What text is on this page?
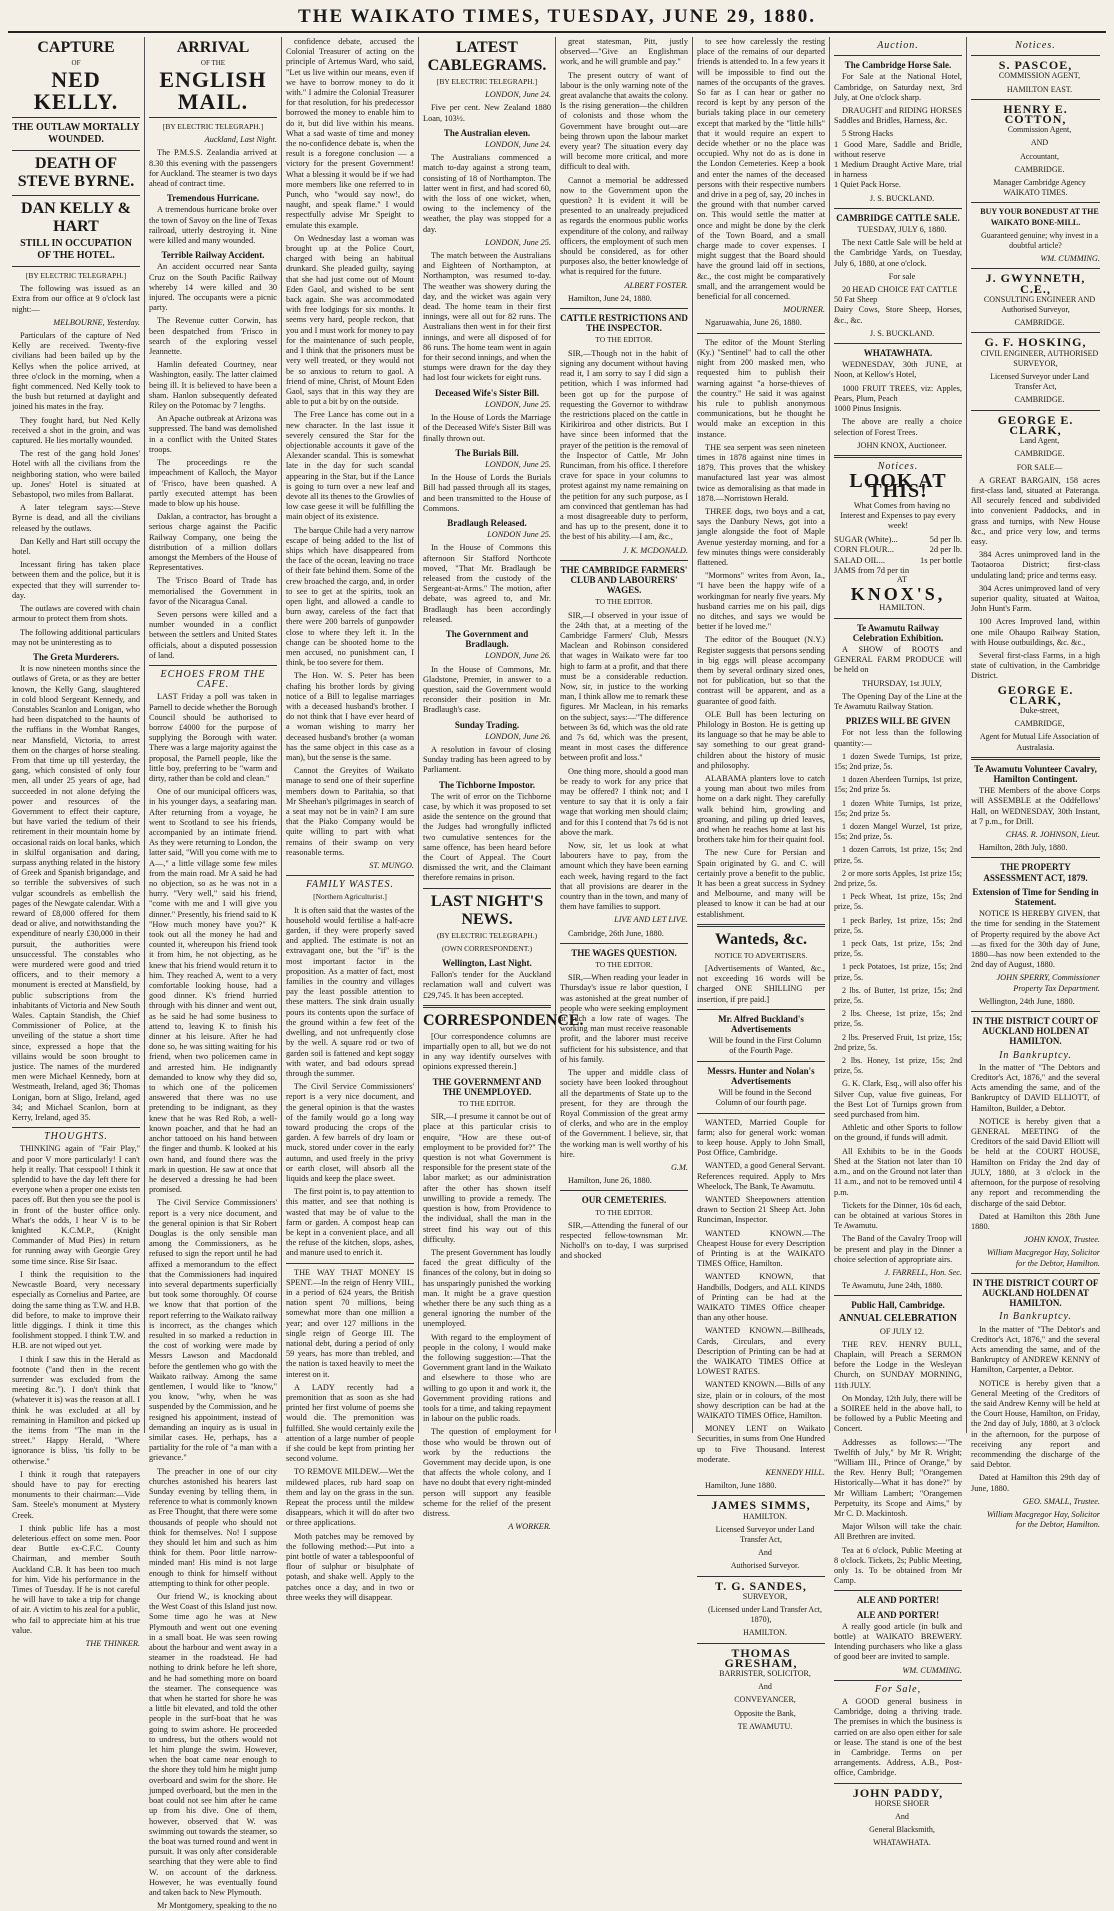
THE WAIKATO TIMES, TUESDAY, JUNE 29, 1880.
CAPTURE
OF
NED KELLY.
THE OUTLAW MORTALLY WOUNDED.
DEATH OF STEVE BYRNE.
DAN KELLY & HART
STILL IN OCCUPATION OF THE HOTEL.
[BY ELECTRIC TELEGRAPH.]

The following was issued as an Extra from our office at 9 o'clock last night:—

MELBOURNE, Yesterday.

Particulars of the capture of Ned Kelly are received. Twenty-five civilians had been bailed up by the Kellys when the police arrived, at three o'clock in the morning, when a fight commenced. Ned Kelly took to the bush but returned at daylight and joined his mates in the fray.

They fought hard, but Ned Kelly received a shot in the groin, and was captured. He lies mortally wounded.

The rest of the gang hold Jones' Hotel with all the civilians from the neighboring station, who were bailed up. Jones' Hotel is situated at Sebastopol, two miles from Ballarat.

A later telegram says:—Steve Byrne is dead, and all the civilians released by the outlaws.

Dan Kelly and Hart still occupy the hotel.

Incessant firing has taken place between them and the police, but it is expected that they will surrender to-day.

The outlaws are covered with chain armour to protect them from shots.

The following additional particulars may not be uninteresting as to

The Greta Murderers.

It is now nineteen months since the outlaws of Greta, or as they are better known, the Kelly Gang, slaughtered in cold blood Sergeant Kennedy, and Constables Scanlon and Lonigan, who had been dispatched to the haunts of the ruffians in the Wombat Ranges, near Mansfield, Victoria, to arrest them on the charges of horse stealing. From that time up till yesterday, the gang, which consisted of only four men, all under 25 years of age, had succeeded in not alone defying the power and resources of the Government to effect their capture, but have varied the tedium of their retirement in their mountain home by occasional raids on local banks, which in skilful organisation and daring, surpass anything related in the history of Greek and Spanish brigandage, and so terrible the subversives of such vulgar scoundrels as embellish the pages of the Newgate calendar. With a reward of £8,000 offered for them dead or alive, and notwithstanding the expenditure of nearly £30,000 in their pursuit, the authorities were unsuccessful. The constables who were murdered were good and tried officers, and to their memory a monument is erected at Mansfield, by public subscriptions from the inhabitants of Victoria and New South Wales. Captain Standish, the Chief Commissioner of Police, at the unveiling of the statue a short time since, expressed a hope that the villains would be soon brought to justice. The names of the murdered men were Michael Kennedy, born at Westmeath, Ireland, aged 36; Thomas Lonigan, born at Sligo, Ireland, aged 34; and Michael Scanlon, born at Kerry, Ireland, aged 35.

THOUGHTS.

THINKING again of "Fair Play," and poor V more particularly! I can't help it really. That cesspool! I think it splendid to have the day left there for everyone when a proper one exists ten paces off. But then you see the pool is in front of the buster office only. What's the odds, I hear V is to be knighted K.C.M.P., (Knight Commander of Mud Pies) in return for running away with Georgie Grey some time since. Rise Sir Isaac.

I think the requisition to the Newcastle Board, very necessary especially as Cornelius and Partee, are doing the same thing as T.W. and H.B. did before, to make to improve their little diggings. I think it time this foolishment stopped. I think T.W. and H.B. are not wiped out yet.

I think I saw this in the Herald as footnote ("and then in the recent surrender was excluded from the meeting &c."). I don't think that (whatever it is) was the reason at all. I think he was excluded at all by remaining in Hamilton and picked up the items from "The man in the street." Happy Herald, "Where ignorance is bliss, 'tis folly to be otherwise."

I think it rough that ratepayers should have to pay for erecting monuments to their chairman:—Vide Sam. Steele's monument at Mystery Creek.

I think public life has a most deleterious effect on some men. Poor dear Buttle ex-C.F.C. County Chairman, and member South Auckland C.B. It has been too much for him. Vide his performance in the Times of Tuesday. If he is not careful he will have to take a trip for change of air. A victim to his zeal for a public, who fail to appreciate him at his true value.

THE THINKER.

ARRIVAL
OF THE
ENGLISH MAIL.
[BY ELECTRIC TELEGRAPH.]

Auckland, Last Night.

The P.M.S.S. Zealandia arrived at 8.30 this evening with the passengers for Auckland. The steamer is two days ahead of contract time.

Tremendous Hurricane.

A tremendous hurricane broke over the town of Savoy on the line of Texas railroad, utterly destroying it. Nine were killed and many wounded.

Terrible Railway Accident.

An accident occurred near Santa Cruz on the South Pacific Railway whereby 14 were killed and 30 injured. The occupants were a picnic party.

The Revenue cutter Corwin, has been despatched from 'Frisco in search of the exploring vessel Jeannette.

Hamlin defeated Courtney, near Washington, easily. The latter claimed being ill. It is believed to have been a sham. Hanlon subsequently defeated Riley on the Potomac by 7 lengths.

An Apache outbreak at Arizona was suppressed. The band was demolished in a conflict with the United States troops.

The proceedings re the impeachment of Kalloch, the Mayor of 'Frisco, have been quashed. A partly executed attempt has been made to blow up his house.

Daklan, a contractor, has brought a serious charge against the Pacific Railway Company, one being the distribution of a million dollars amongst the Members of the House of Representatives.

The 'Frisco Board of Trade has memorialised the Government in favor of the Nicaragua Canal.

Seven persons were killed and a number wounded in a conflict between the settlers and United States officials, about a disputed possession of land.

ECHOES FROM THE CAFE.

LAST Friday a poll was taken in Parnell to decide whether the Borough Council should be authorised to borrow £4000 for the purpose of supplying the Borough with water. There was a large majority against the proposal, the Parnell people, like the little boy, preferring to be "warm and dirty, rather than be cold and clean."

One of our municipal officers was, in his younger days, a seafaring man. After returning from a voyage, he went to Scotland to see his friends, accompanied by an intimate friend. As they were returning to London, the latter said, "Will you come with me to A—," a little village some few miles from the main road. Mr A said he had no objection, so as he was not in a hurry. "Very well," said his friend, "come with me and I will give you dinner." Presently, his friend said to K "How much money have you?" K took out all the money he had and counted it, whereupon his friend took it from him, he not objecting, as he knew that his friend would return it to him. They reached A, went to a very comfortable looking house, had a good dinner. K's friend hurried through with his dinner and went out, as he said he had some business to attend to, leaving K to finish his dinner at his leisure. After he had done so, he was sitting waiting for his friend, when two policemen came in and arrested him. He indignantly demanded to know why they did so, to which one of the policemen answered that there was no use pretending to be indignant, as they knew that he was Red Rob, a well-known poacher, and that he had an anchor tattooed on his hand between the finger and thumb. K looked at his own hand, and found there was the mark in question. He saw at once that he deserved a dressing he had been promised.

The Civil Service Commissioners' report is a very nice document, and the general opinion is that Sir Robert Douglas is the only sensible man among the Commissioners, as he refused to sign the report until he had affixed a memorandum to the effect that the Commissioners had inquired into several departments superficially but took some thoroughly. Of course we know that that portion of the report referring to the Waikato railway is incorrect, as the changes which resulted in so marked a reduction in the cost of working were made by Messrs Lawson and Macdonald before the gentlemen who go with the Waikato railway. Among the same gentlemen, I would like to "know," you know, "why, when he was suspended by the Commission, and he resigned his appointment, instead of demanding an inquiry as is usual in similar cases. He, perhaps, has a partiality for the role of "a man with a grievance."

The preacher in one of our city churches astonished his hearers last Sunday evening by telling them, in reference to what is commonly known as Free Thought, that there were some thousands of people who should not think for themselves. No! I suppose they should let him and such as him think for them. Poor little narrow-minded man! His mind is not large enough to think for himself without attempting to think for other people.

Our friend W., is knocking about the West Coast of this Island just now. Some time ago he was at New Plymouth and went out one evening in a small boat. He was seen rowing about the harbour and went away in a steamer in the roadstead. He had nothing to drink before he left shore, and he had something more on board the steamer. The consequence was that when he started for shore he was a little bit elevated, and told the other people in the surf-boat that he was going to swim ashore. He proceeded to undress, but the others would not let him plunge the swim. However, when the boat came near enough to the shore they told him he might jump overboard and swim for the shore. He jumped overboard, but the men in the boat could not see him after he came up from his dive. One of them, however, observed that W. was swimming out towards the steamer, so the boat was turned round and went in pursuit. It was only after considerable searching that they were able to find W. on account of the darkness. However, he was eventually found and taken back to New Plymouth.

Mr Montgomery, speaking to the no

confidence debate, accused the Colonial Treasurer of acting on the principle of Artemus Ward, who said, "Let us live within our means, even if we have to borrow money to do it with." I admire the Colonial Treasurer for that resolution, for his predecessor borrowed the money to enable him to do it, but did live within his means. What a sad waste of time and money the no-confidence debate is, when the result is a foregone conclusion — a victory for the present Government! What a blessing it would be if we had more members like one referred to in Punch, who "would say now!, do naught, and speak flame." I would respectfully advise Mr Speight to emulate this example.

On Wednesday last a woman was brought up at the Police Court, charged with being an habitual drunkard. She pleaded guilty, saying that she had just come out of Mount Eden Gaol, and wished to be sent back again. She was accommodated with free lodgings for six months. It seems very hard, people reckon, that you and I must work for money to pay for the maintenance of such people, and I think that the prisoners must be very well treated, or they would not be so anxious to return to gaol. A friend of mine, Christ, of Mount Eden Gaol, says that in this way they are able to put a bit by on the outside.

The Free Lance has come out in a new character. In the last issue it severely censured the Star for the objectionable accounts it gave of the Alexander scandal. This is somewhat late in the day for such scandal appearing in the Star, but if the Lance is going to turn over a new leaf and devote all its thenes to the Growlies of low case geese it will be fulfilling the main object of its existence.

The barque Chile had a very narrow escape of being added to the list of ships which have disappeared from the face of the ocean, leaving no trace of their fate behind them. Some of the crew broached the cargo, and, in order to see to get at the spirits, took an open light, and allowed a candle to burn away, careless of the fact that there were 200 barrels of gunpowder close to where they left it. In the change can be shooted home to the men accused, no punishment can, I think, be too severe for them.

The Hon. W. S. Peter has been chafing his brother lords by giving notice of a Bill to legalise marriages with a deceased husband's brother. I do not think that I have ever heard of a woman wishing to marry her deceased husband's brother (a woman has the same object in this case as a man), but the sense is the same.

Cannot the Greyites of Waikato manage to send one of their superfine members down to Paritahia, so that Mr Sheehan's pilgrimages in search of a seat may not be in vain? I am sure that the Piako Company would be quite willing to part with what remains of their swamp on very reasonable terms.

ST. MUNGO.

FAMILY WASTES.
[Northern Agriculturist.]

It is often said that the wastes of the household would fertilise a half-acre garden, if they were properly saved and applied. The estimate is not an extravagant one, but the "if" is the most important factor in the proposition. As a matter of fact, most families in the country and villages pay the least possible attention to these matters. The sink drain usually pours its contents upon the surface of the ground within a few feet of the dwelling, and not unfrequently close by the well. A square rod or two of garden soil is fattened and kept soggy with water, and bad odours spread through the summer.

The Civil Service Commissioners' report is a very nice document, and the general opinion is that the wastes of the family would go a long way toward producing the crops of the garden. A few barrels of dry loam or muck, stored under cover in the early autumn, and used freely in the privy or earth closet, will absorb all the liquids and keep the place sweet.

The first point is, to pay attention to this matter, and see that nothing is wasted that may be of value to the farm or garden. A compost heap can be kept in a convenient place, and all the refuse of the kitchen, slops, ashes, and manure used to enrich it.

THE WAY THAT MONEY IS SPENT.—In the reign of Henry VIII., in a period of 624 years, the British nation spent 70 millions, being somewhat more than one million a year; and over 127 millions in the single reign of George III. The national debt, during a period of only 59 years, has more than trebled, and the nation is taxed heavily to meet the interest on it.

A LADY recently had a premonition that as soon as she had printed her first volume of poems she would die. The premonition was fulfilled. She would certainly exile the attention of a large number of people if she could be kept from printing her second volume.

TO REMOVE MILDEW.—Wet the mildewed places, rub hard soap on them and lay on the grass in the sun. Repeat the process until the mildew disappears, which it will do after two or three applications.

Moth patches may be removed by the following method:—Put into a pint bottle of water a tablespoonful of flour of sulphur or bisulphate of potash, and shake well. Apply to the patches once a day, and in two or three weeks they will disappear.

LATEST CABLEGRAMS.
[BY ELECTRIC TELEGRAPH.]

LONDON, June 24.

Five per cent. New Zealand 1880 Loan, 103½.

The Australian eleven.

LONDON, June 24.

The Australians commenced a match to-day against a strong team, consisting of 18 of Northampton. The latter went in first, and had scored 60, with the loss of one wicket, when, owing to the inclemency of the weather, the play was stopped for a day.

LONDON, June 25.

The match between the Australians and Eighteen of Northampton, at Northampton, was resumed to-day. The weather was showery during the day, and the wicket was again very dead. The home team in their first innings, were all out for 82 runs. The Australians then went in for their first innings, and were all disposed of for 86 runs. The home team went in again for their second innings, and when the stumps were drawn for the day they had lost four wickets for eight runs.

Deceased Wife's Sister Bill.

LONDON, June 25.

In the House of Lords the Marriage of the Deceased Wife's Sister Bill was finally thrown out.

The Burials Bill.

LONDON, June 25.

In the House of Lords the Burials Bill had passed through all its stages, and been transmitted to the House of Commons.

Bradlaugh Released.

LONDON June 25.

In the House of Commons this afternoon Sir Stafford Northcote moved, "That Mr. Bradlaugh be released from the custody of the Sergeant-at-Arms." The motion, after debate, was agreed to, and Mr. Bradlaugh has been accordingly released.

The Government and Bradlaugh.

LONDON, June 26.

In the House of Commons, Mr. Gladstone, Premier, in answer to a question, said the Government would reconsider their position in Mr. Bradlaugh's case.

Sunday Trading.

LONDON, June 26.

A resolution in favour of closing Sunday trading has been agreed to by Parliament.

The Tichborne Impostor.

The writ of error on the Tichborne case, by which it was proposed to set aside the sentence on the ground that the Judges had wrongfully inflicted two cumulative sentences for the same offence, has been heard before the Court of Appeal. The Court dismissed the writ, and the Claimant therefore remains in prison.

LAST NIGHT'S NEWS.
(BY ELECTRIC TELEGRAPH.)
(OWN CORRESPONDENT.)
Wellington, Last Night.

Fallon's tender for the Auckland reclamation wall and culvert was £29,745. It has been accepted.

CORRESPONDENCE.

[Our correspondence columns are impartially open to all, but we do not in any way identify ourselves with opinions expressed therein.]

THE GOVERNMENT AND THE UNEMPLOYED.
TO THE EDITOR.

SIR,—I presume it cannot be out of place at this particular crisis to enquire, "How are these out-of employment to be provided for?" The question is not what Government is responsible for the present state of the labor market; as our administration after the other has shown itself unwilling to provide a remedy. The question is how, from Providence to the individual, shall the man in the street find his way out of this difficulty.

The present Government has loudly faced the great difficulty of the finances of the colony, but in doing so has unsparingly punished the working man. It might be a grave question whether there be any such thing as a general ignoring the number of the unemployed.

With regard to the employment of people in the colony, I would make the following suggestion:—That the Government grant land in the Waikato and elsewhere to those who are willing to go upon it and work it, the Government providing rations and tools for a time, and taking repayment in labour on the public roads.

The question of employment for those who would be thrown out of work by the reductions the Government may decide upon, is one that affects the whole colony, and I have no doubt that every right-minded person will support any feasible scheme for the relief of the present distress.

A WORKER.

great statesman, Pitt, justly observed—"Give an Englishman work, and he will grumble and pay."

The present outcry of want of labour is the only warning note of the great avalanche that awaits the colony. Is the rising generation—the children of colonists and those whom the Government have brought out—are being thrown upon the labour market every year? The situation every day will become more critical, and more difficult to deal with.

Cannot a memorial be addressed now to the Government upon the question? It is evident it will be presented to an unalready prejudiced as regards the enormous public works expenditure of the colony, and railway officers, the employment of such men should be considered, as for other purposes also, the better knowledge of what is required for the future.

ALBERT FOSTER.

Hamilton, June 24, 1880.

CATTLE RESTRICTIONS AND THE INSPECTOR.
TO THE EDITOR.

SIR,—Though not in the habit of signing any document without having read it, I am sorry to say I did sign a petition, which I was informed had been got up for the purpose of requesting the Governor to withdraw the restrictions placed on the cattle in Kirikiriroa and other districts. But I have since been informed that the prayer of the petition is the removal of the Inspector of Cattle, Mr John Runciman, from his office. I therefore crave for space in your columns to protest against my name remaining on the petition for any such purpose, as I am convinced that gentleman has had a most disagreeable duty to perform, and has up to the present, done it to the best of his ability.—I am, &c.,

J. K. MCDONALD.

THE CAMBRIDGE FARMERS' CLUB AND LABOURERS' WAGES.
TO THE EDITOR.

SIR,—I observed in your issue of the 24th that, at a meeting of the Cambridge Farmers' Club, Messrs Maclean and Robinson considered that wages in Waikato were far too high to farm at a profit, and that there must be a considerable reduction. Now, sir, in justice to the working man, I think allow me to remark these figures. Mr Maclean, in his remarks on the subject, says:—"The difference between 3s 6d, which was the old rate and 7s 6d, which was the present, meant in most cases the difference between profit and loss."

One thing more, should a good man be ready to work for any price that may be offered? I think not; and I venture to say that it is only a fair wage that working men should claim; and for this I contend that 7s 6d is not above the mark.

Now, sir, let us look at what labourers have to pay, from the amount which they have been earning each week, having regard to the fact that all provisions are dearer in the country than in the town, and many of them have families to support.

LIVE AND LET LIVE.

Cambridge, 26th June, 1880.

THE WAGES QUESTION.
TO THE EDITOR.

SIR,—When reading your leader in Thursday's issue re labor question, I was astonished at the great number of people who were seeking employment at such a low rate of wages. The working man must receive reasonable profit, and the laborer must receive sufficient for his subsistence, and that of his family.

The upper and middle class of society have been looked throughout all the departments of State up to the present, for they are through the Royal Commission of the great army of clerks, and who are in the employ of the Government. I believe, sir, that the working man is well worthy of his hire.

G.M.

Hamilton, June 26, 1880.

OUR CEMETERIES.
TO THE EDITOR.

SIR,—Attending the funeral of our respected fellow-townsman Mr. Nicholl's on to-day, I was surprised and shocked

to see how carelessly the resting place of the remains of our departed friends is attended to. In a few years it will be impossible to find out the names of the occupants of the graves. So far as I can hear or gather no record is kept by any person of the burials taking place in our cemetery except that marked by the "little hills" that it would require an expert to decide whether or no the place was occupied. Why not do as is done in the London Cemeteries. Keep a book and enter the names of the deceased persons with their respective numbers and drive in a peg of, say, 20 inches in the ground with that number carved on. This would settle the matter at once and might be done by the clerk of the Town Board, and a small charge made to cover expenses. I might suggest that the Board should have the ground laid off in sections, &c., the cost might be comparatively small, and the arrangement would be beneficial for all concerned.

MOURNER.

Ngaruawahia, June 26, 1880.

The editor of the Mount Sterling (Ky.) "Sentinel" had to call the other night from 200 masked men, who requested him to publish their warning against "a horse-thieves of the country." He said it was against his rule to publish anonymous communications, but he thought he would make an exception in this instance.

THE sea serpent was seen nineteen times in 1878 against nine times in 1879. This proves that the whiskey manufactured last year was almost twice as demoralising as that made in 1878.—Norristown Herald.

THREE dogs, two boys and a cat, says the Danbury News, got into a jangle alongside the foot of Maple Avenue yesterday morning, and for a few minutes things were considerably flattened.

"Mormons" writes from Avon, Ia., "I have been the happy wife of a workingman for nearly five years. My husband carries me on his pail, digs no ditches, and says we would be better if he loved me."

The editor of the Bouquet (N.Y.) Register suggests that persons sending in big eggs will please accompany them by several ordinary sized ones, not for publication, but so that the contrast will be apparent, and as a guarantee of good faith.

OLE Bull has been lecturing on Philology in Boston. He is getting up its language so that he may be able to say something to our great grand-children about the history of music and philosophy.

ALABAMA planters love to catch a young man about two miles from home on a dark night. They carefully walk behind him, growling and groaning, and piling up dried leaves, and when he reaches home at last his brothers take him for their quaint fool.

The new Cure for Persian and Spain originated by G. and C. will certainly prove a benefit to the public. It has been a great success in Sydney and Melbourne, and many will be pleased to know it can be had at our establishment.

Wanteds, &c.
NOTICE TO ADVERTISERS.

[Advertisements of Wanted, &c., not exceeding 16 words will be charged ONE SHILLING per insertion, if pre paid.]

Mr. Alfred Buckland's Advertisements

Will be found in the First Column of the Fourth Page.

Messrs. Hunter and Nolan's Advertisements

Will be found in the Second Column of our fourth page.

WANTED, Married Couple for farm; also for general work: woman to keep house. Apply to John Small, Post Office, Cambridge.

WANTED, a good General Servant. References required. Apply to Mrs Wheelock, The Bank, Te Awamutu.

WANTED Sheepowners attention drawn to Section 21 Sheep Act. John Runciman, Inspector.

WANTED KNOWN.—The Cheapest House for every Description of Printing is at the WAIKATO TIMES Office, Hamilton.

WANTED KNOWN, that Handbills, Dodgers, and ALL KINDS of Printing can be had at the WAIKATO TIMES Office cheaper than any other house.

WANTED KNOWN.—Billheads, Cards, Circulars, and every Description of Printing can be had at the WAIKATO TIMES Office at LOWEST RATES.

WANTED KNOWN.—Bills of any size, plain or in colours, of the most showy description can be had at the WAIKATO TIMES Office, Hamilton.

MONEY LENT on Waikato Securities, in sums from One Hundred up to Five Thousand. Interest moderate.

KENNEDY HILL.

Hamilton, June 1880.

JAMES SIMMS,

HAMILTON.

Licensed Surveyor under Land Transfer Act,

And

Authorised Surveyor.

T. G. SANDES,

SURVEYOR,

(Licensed under Land Transfer Act, 1870),

HAMILTON.

THOMAS GRESHAM,

BARRISTER, SOLICITOR,

And

CONVEYANCER,

Opposite the Bank,

TE AWAMUTU.

Auction.
The Cambridge Horse Sale.

For Sale at the National Hotel, Cambridge, on Saturday next, 3rd July, at One o'clock sharp.

DRAUGHT and RIDING HORSES Saddles and Bridles, Harness, &c.

5 Strong Hacks
1 Good Mare, Saddle and Bridle, without reserve
1 Medium Draught Active Mare, trial in harness
1 Quiet Pack Horse.

J. S. BUCKLAND.

CAMBRIDGE CATTLE SALE.

TUESDAY, JULY 6, 1880.

The next Cattle Sale will be held at the Cambridge Yards, on Tuesday, July 6, 1880, at one o'clock.

For sale

20 HEAD CHOICE FAT CATTLE
50 Fat Sheep
Dairy Cows, Store Sheep, Horses, &c., &c.

J. S. BUCKLAND.

WHATAWHATA.

WEDNESDAY, 30th JUNE, at Noon, at Kellow's Hotel,

1000 FRUIT TREES, viz: Apples, Pears, Plum, Peach
1000 Pinus Insignis.

The above are really a choice selection of Forest Trees.

JOHN KNOX, Auctioneer.

Notices.
LOOK AT THIS!

What Comes from having no Interest and Expenses to pay every week!

SUGAR (White)...	5d per lb.
CORN FLOUR...	2d per lb.
SALAD OIL...	1s per bottle
JAMS from 7d per tin

AT

KNOX'S,

HAMILTON.

Te Awamutu Railway Celebration Exhibition.

A SHOW of ROOTS and GENERAL FARM PRODUCE will be held on

THURSDAY, 1st JULY,

The Opening Day of the Line at the Te Awamutu Railway Station.

PRIZES WILL BE GIVEN

For not less than the following quantity:—

1 dozen Swede Turnips, 1st prize, 15s; 2nd prize, 5s.

1 dozen Aberdeen Turnips, 1st prize, 15s; 2nd prize 5s.

1 dozen White Turnips, 1st prize, 15s; 2nd prize 5s.

1 dozen Mangel Wurzel, 1st prize, 15s; 2nd prize, 5s.

1 dozen Carrots, 1st prize, 15s; 2nd prize, 5s.

2 or more sorts Apples, 1st prize 15s; 2nd prize, 5s.

1 Peck Wheat, 1st prize, 15s; 2nd prize, 5s.

1 peck Barley, 1st prize, 15s; 2nd prize, 5s.

1 peck Oats, 1st prize, 15s; 2nd prize, 5s.

1 peck Potatoes, 1st prize, 15s; 2nd prize, 5s.

2 lbs. of Butter, 1st prize, 15s; 2nd prize, 5s.

2 lbs. Cheese, 1st prize, 15s; 2nd prize, 5s.

2 lbs. Preserved Fruit, 1st prize, 15s; 2nd prize, 5s.

2 lbs. Honey, 1st prize, 15s; 2nd prize, 5s.

G. K. Clark, Esq., will also offer his Silver Cup, value five guineas, For the Best Lot of Turnips grown from seed purchased from him.

Athletic and other Sports to follow on the ground, if funds will admit.

All Exhibits to be in the Goods Shed at the Station not later than 10 a.m., and on the Ground not later than 11 a.m., and not to be removed until 4 p.m.

Tickets for the Dinner, 10s 6d each, can be obtained at various Stores in Te Awamutu.

The Band of the Cavalry Troop will be present and play in the Dinner a choice selection of appropriate airs.

J. FARRELL, Hon. Sec.

Te Awamutu, June 24th, 1880.

Public Hall, Cambridge.
ANNUAL CELEBRATION

OF JULY 12.

THE REV. HENRY BULL, Chaplain, will Preach a SERMON before the Lodge in the Wesleyan Church, on SUNDAY MORNING, 11th JULY.

On Monday, 12th July, there will be a SOIREE held in the above hall, to be followed by a Public Meeting and Concert.

Addresses as follows:—"The Twelfth of July," by Mr R. Wright; "William III., Prince of Orange," by the Rev. Henry Bull; "Orangemen Historically—What it has done?" by Mr William Lambert; "Orangemen Perpetuity, its Scope and Aims," by Mr C. D. Mackintosh.

Major Wilson will take the chair. All Brethren are invited.

Tea at 6 o'clock, Public Meeting at 8 o'clock. Tickets, 2s; Public Meeting, only 1s. To be obtained from Mr Camp.

ALE AND PORTER!
ALE AND PORTER!

A really good article (in bulk and bottle) at WAIKATO BREWERY. Intending purchasers who like a glass of good beer are invited to sample.

WM. CUMMING.

For Sale,

A GOOD general business in Cambridge, doing a thriving trade. The premises in which the business is carried on are also open either for sale or lease. The stand is one of the best in Cambridge. Terms on per arrangements. Address, A.B., Post-office, Cambridge.

JOHN PADDY,

HORSE SHOER

And

General Blacksmith,

WHATAWHATA.

Notices.
S. PASCOE,

COMMISSION AGENT,

HAMILTON EAST.

HENRY E. COTTON,

Commission Agent,

AND

Accountant,

CAMBRIDGE.

Manager Cambridge Agency WAIKATO TIMES.

BUY YOUR BONEDUST AT THE WAIKATO BONE-MILL.

Guaranteed genuine; why invest in a doubtful article?

WM. CUMMING.

J. GWYNNETH, C.E.,

CONSULTING ENGINEER AND Authorised Surveyor,

CAMBRIDGE.

G. F. HOSKING,

CIVIL ENGINEER, AUTHORISED SURVEYOR,

Licensed Surveyor under Land Transfer Act,

CAMBRIDGE.

GEORGE E. CLARK,

Land Agent,

CAMBRIDGE.

FOR SALE—

A GREAT BARGAIN, 158 acres first-class land, situated at Pateranga. All securely fenced and subdivided into convenient Paddocks, and in grass and turnips, with New House &c., and price very low, and terms easy.

384 Acres unimproved land in the Taotaoroa District; first-class undulating land; price and terms easy.

304 Acres unimproved land of very superior quality, situated at Waitoa, John Hunt's Farm.

100 Acres Improved land, within one mile Ohaupo Railway Station, with House outbuildings, &c. &c.,

Several first-class Farms, in a high state of cultivation, in the Cambridge District.

GEORGE E. CLARK,

Duke-street,

CAMBRIDGE,

Agent for Mutual Life Association of Australasia.

Te Awamutu Volunteer Cavalry, Hamilton Contingent.

THE Members of the above Corps will ASSEMBLE at the Oddfellows' Hall, on WEDNESDAY, 30th Instant, at 7 p.m., for Drill.

CHAS. R. JOHNSON, Lieut.

Hamilton, 28th July, 1880.

THE PROPERTY ASSESSMENT ACT, 1879.
Extension of Time for Sending in Statement.

NOTICE IS HEREBY GIVEN, that the time for sending in the Statement of Property required by the above Act—as fixed for the 30th day of June, 1880—has now been extended to the 2nd day of August, 1880.

JOHN SPERRY, Commissioner Property Tax Department.

Wellington, 24th June, 1880.

IN THE DISTRICT COURT OF AUCKLAND HOLDEN AT HAMILTON.
In Bankruptcy.

In the matter of "The Debtors and Creditor's Act, 1876," and the several Acts amending the same, and of the Bankruptcy of DAVID ELLIOTT, of Hamilton, Builder, a Debtor.

NOTICE is hereby given that a GENERAL MEETING of the Creditors of the said David Elliott will be held at the COURT HOUSE, Hamilton on Friday the 2nd day of JULY, 1880, at 3 o'clock in the afternoon, for the purpose of resolving any report and recommending the discharge of the said Debtor.

Dated at Hamilton this 28th June 1880.

JOHN KNOX, Trustee.

William Macgregor Hay, Solicitor for the Debtor, Hamilton.

IN THE DISTRICT COURT OF AUCKLAND HOLDEN AT HAMILTON.
In Bankruptcy.

In the matter of "The Debtor's and Creditor's Act, 1876," and the several Acts amending the same, and of the Bankruptcy of ANDREW KENNY of Hamilton, Carpenter, a Debtor.

NOTICE is hereby given that a General Meeting of the Creditors of the said Andrew Kenny will be held at the Court House, Hamilton, on Friday, the 2nd day of July, 1880, at 3 o'clock in the afternoon, for the purpose of receiving any report and recommending the discharge of the said Debtor.

Dated at Hamilton this 29th day of June, 1880.

GEO. SMALL, Trustee.

William Macgregor Hay, Solicitor for the Debtor, Hamilton.
